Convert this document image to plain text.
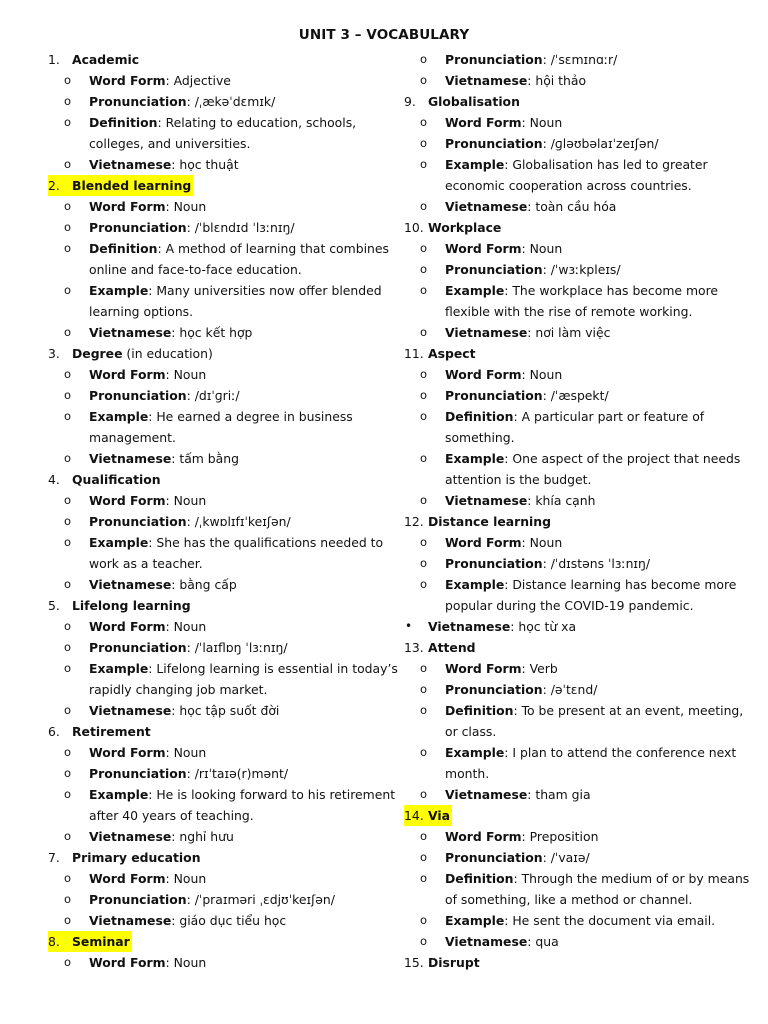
UNIT 3 – VOCABULARY
1. Academic
o Word Form: Adjective
o Pronunciation: /ˌækəˈdɛmɪk/
o Definition: Relating to education, schools, colleges, and universities.
o Vietnamese: học thuật
2. Blended learning
o Word Form: Noun
o Pronunciation: /ˈblɛndɪd ˈlɜːnɪŋ/
o Definition: A method of learning that combines online and face-to-face education.
o Example: Many universities now offer blended learning options.
o Vietnamese: học kết hợp
3. Degree (in education)
o Word Form: Noun
o Pronunciation: /dɪˈɡriː/
o Example: He earned a degree in business management.
o Vietnamese: tấm bằng
4. Qualification
o Word Form: Noun
o Pronunciation: /ˌkwɒlɪfɪˈkeɪʃən/
o Example: She has the qualifications needed to work as a teacher.
o Vietnamese: bằng cấp
5. Lifelong learning
o Word Form: Noun
o Pronunciation: /ˈlaɪflɒŋ ˈlɜːnɪŋ/
o Example: Lifelong learning is essential in today’s rapidly changing job market.
o Vietnamese: học tập suốt đời
6. Retirement
o Word Form: Noun
o Pronunciation: /rɪˈtaɪə(r)mənt/
o Example: He is looking forward to his retirement after 40 years of teaching.
o Vietnamese: nghỉ hưu
7. Primary education
o Word Form: Noun
o Pronunciation: /ˈpraɪməri ˌɛdjʊˈkeɪʃən/
o Vietnamese: giáo dục tiểu học
8. Seminar
o Word Form: Noun
o Pronunciation: /ˈsɛmɪnɑːr/
o Vietnamese: hội thảo
9. Globalisation
o Word Form: Noun
o Pronunciation: /ɡləʊbəlaɪˈzeɪʃən/
o Example: Globalisation has led to greater economic cooperation across countries.
o Vietnamese: toàn cầu hóa
10. Workplace
o Word Form: Noun
o Pronunciation: /ˈwɜːkpleɪs/
o Example: The workplace has become more flexible with the rise of remote working.
o Vietnamese: nơi làm việc
11. Aspect
o Word Form: Noun
o Pronunciation: /ˈæspekt/
o Definition: A particular part or feature of something.
o Example: One aspect of the project that needs attention is the budget.
o Vietnamese: khía cạnh
12. Distance learning
o Word Form: Noun
o Pronunciation: /ˈdɪstəns ˈlɜːnɪŋ/
o Example: Distance learning has become more popular during the COVID-19 pandemic.
• Vietnamese: học từ xa
13. Attend
o Word Form: Verb
o Pronunciation: /əˈtɛnd/
o Definition: To be present at an event, meeting, or class.
o Example: I plan to attend the conference next month.
o Vietnamese: tham gia
14. Via
o Word Form: Preposition
o Pronunciation: /ˈvaɪə/
o Definition: Through the medium of or by means of something, like a method or channel.
o Example: He sent the document via email.
o Vietnamese: qua
15. Disrupt
